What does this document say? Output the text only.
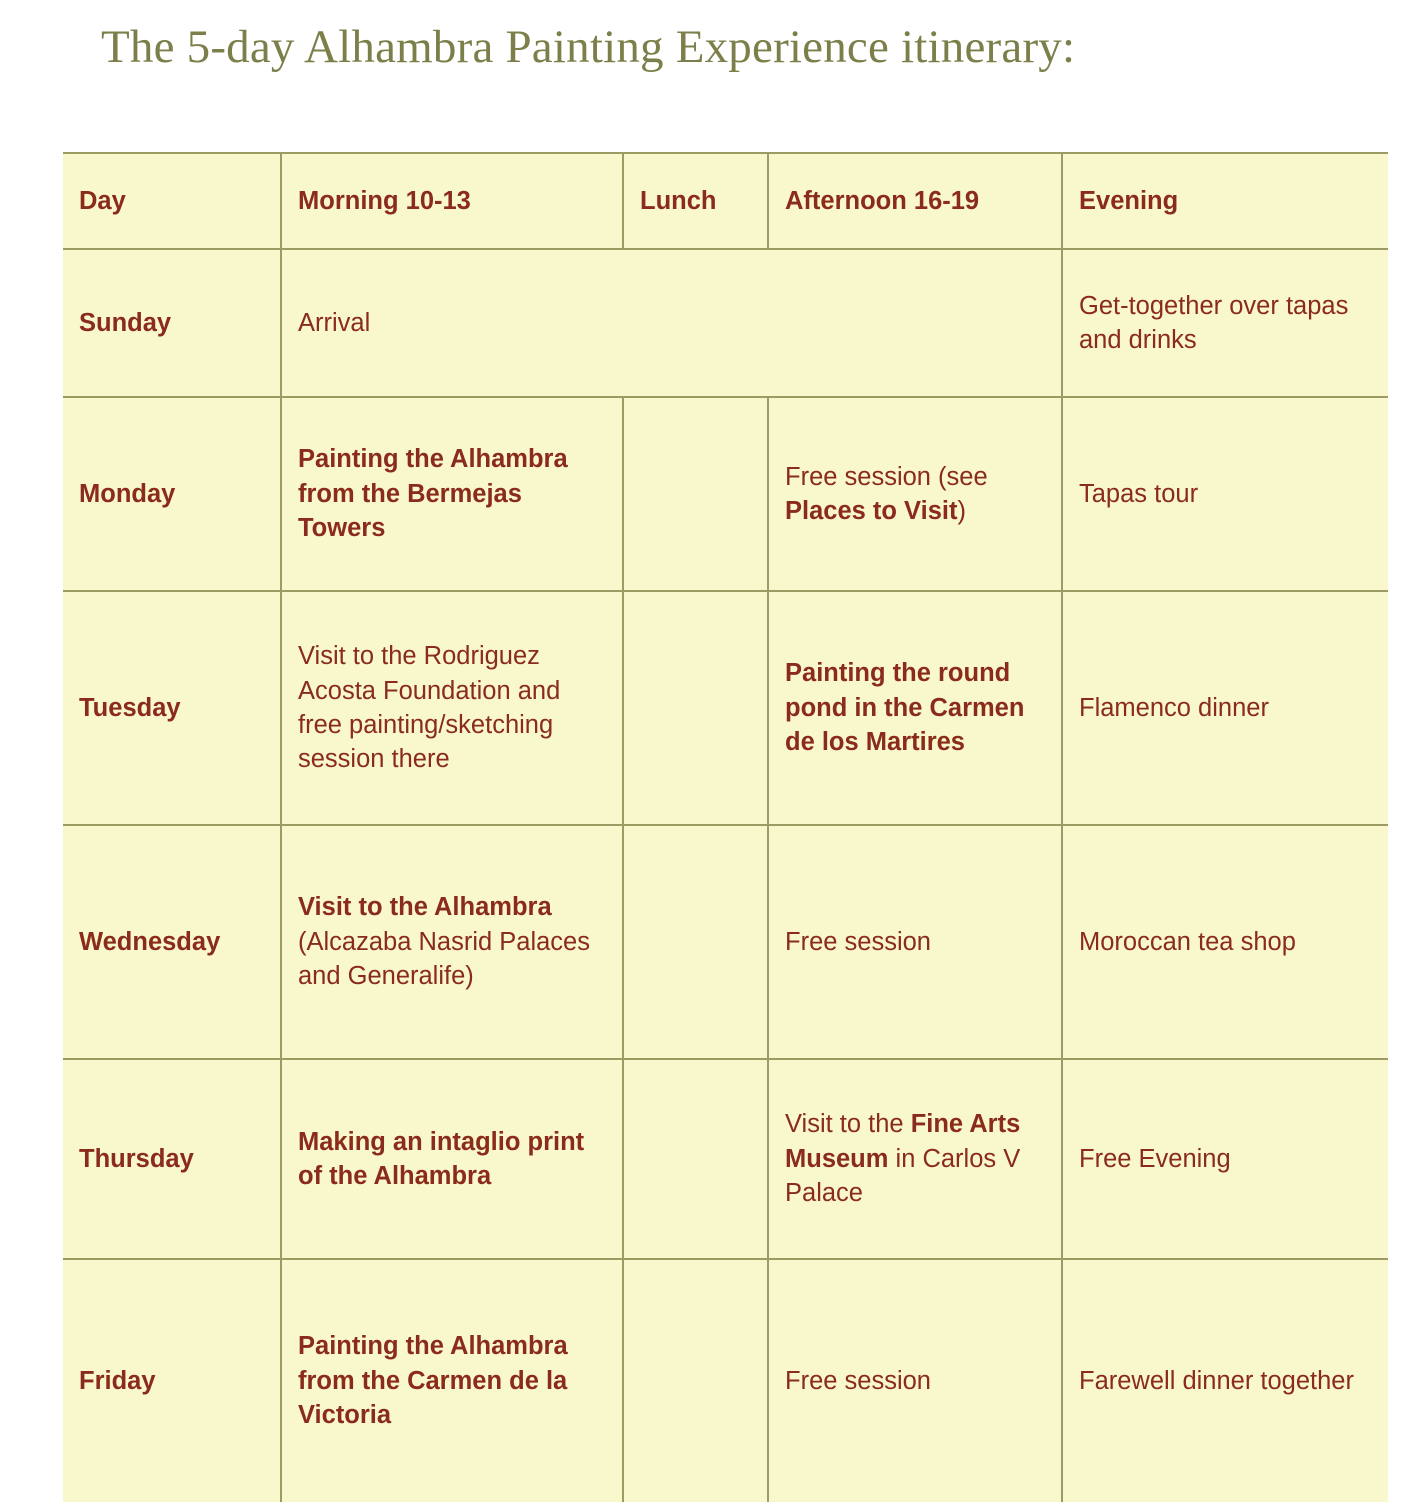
The 5-day Alhambra Painting Experience itinerary:
Day	Morning 10-13	Lunch	Afternoon 16-19	Evening
Sunday	Arrival			Get-together over tapas and drinks
Monday	Painting the Alhambra from the Bermejas Towers		Free session (see Places to Visit)	Tapas tour
Tuesday	Visit to the Rodriguez Acosta Foundation and free painting/sketching session there		Painting the round pond in the Carmen de los Martires	Flamenco dinner
Wednesday	Visit to the Alhambra (Alcazaba Nasrid Palaces and Generalife)		Free session	Moroccan tea shop
Thursday	Making an intaglio print of the Alhambra		Visit to the Fine Arts Museum in Carlos V Palace	Free Evening
Friday	Painting the Alhambra from the Carmen de la Victoria		Free session	Farewell dinner together
